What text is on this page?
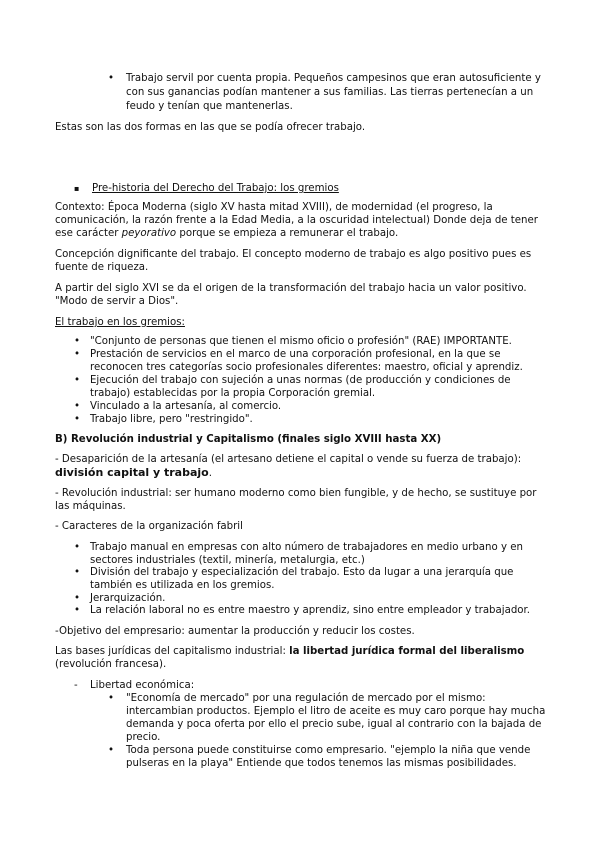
• Trabajo servil por cuenta propia. Pequeños campesinos que eran autosuficiente y
con sus ganancias podían mantener a sus familias. Las tierras pertenecían a un
feudo y tenían que mantenerlas.
Estas son las dos formas en las que se podía ofrecer trabajo.
▪ Pre-historia del Derecho del Trabajo: los gremios
Contexto: Época Moderna (siglo XV hasta mitad XVIII), de modernidad (el progreso, la
comunicación, la razón frente a la Edad Media, a la oscuridad intelectual) Donde deja de tener
ese carácter peyorativo porque se empieza a remunerar el trabajo.
Concepción dignificante del trabajo. El concepto moderno de trabajo es algo positivo pues es
fuente de riqueza.
A partir del siglo XVI se da el origen de la transformación del trabajo hacia un valor positivo.
"Modo de servir a Dios".
El trabajo en los gremios:
• "Conjunto de personas que tienen el mismo oficio o profesión" (RAE) IMPORTANTE.
• Prestación de servicios en el marco de una corporación profesional, en la que se
reconocen tres categorías socio profesionales diferentes: maestro, oficial y aprendiz.
• Ejecución del trabajo con sujeción a unas normas (de producción y condiciones de
trabajo) establecidas por la propia Corporación gremial.
• Vinculado a la artesanía, al comercio.
• Trabajo libre, pero "restringido".
B) Revolución industrial y Capitalismo (finales siglo XVIII hasta XX)
- Desaparición de la artesanía (el artesano detiene el capital o vende su fuerza de trabajo):
división capital y trabajo.
- Revolución industrial: ser humano moderno como bien fungible, y de hecho, se sustituye por
las máquinas.
- Caracteres de la organización fabril
• Trabajo manual en empresas con alto número de trabajadores en medio urbano y en
sectores industriales (textil, minería, metalurgia, etc.)
• División del trabajo y especialización del trabajo. Esto da lugar a una jerarquía que
también es utilizada en los gremios.
• Jerarquización.
• La relación laboral no es entre maestro y aprendiz, sino entre empleador y trabajador.
-Objetivo del empresario: aumentar la producción y reducir los costes.
Las bases jurídicas del capitalismo industrial: la libertad jurídica formal del liberalismo
(revolución francesa).
- Libertad económica:
• "Economía de mercado" por una regulación de mercado por el mismo:
intercambian productos. Ejemplo el litro de aceite es muy caro porque hay mucha
demanda y poca oferta por ello el precio sube, igual al contrario con la bajada de
precio.
• Toda persona puede constituirse como empresario. "ejemplo la niña que vende
pulseras en la playa" Entiende que todos tenemos las mismas posibilidades.
